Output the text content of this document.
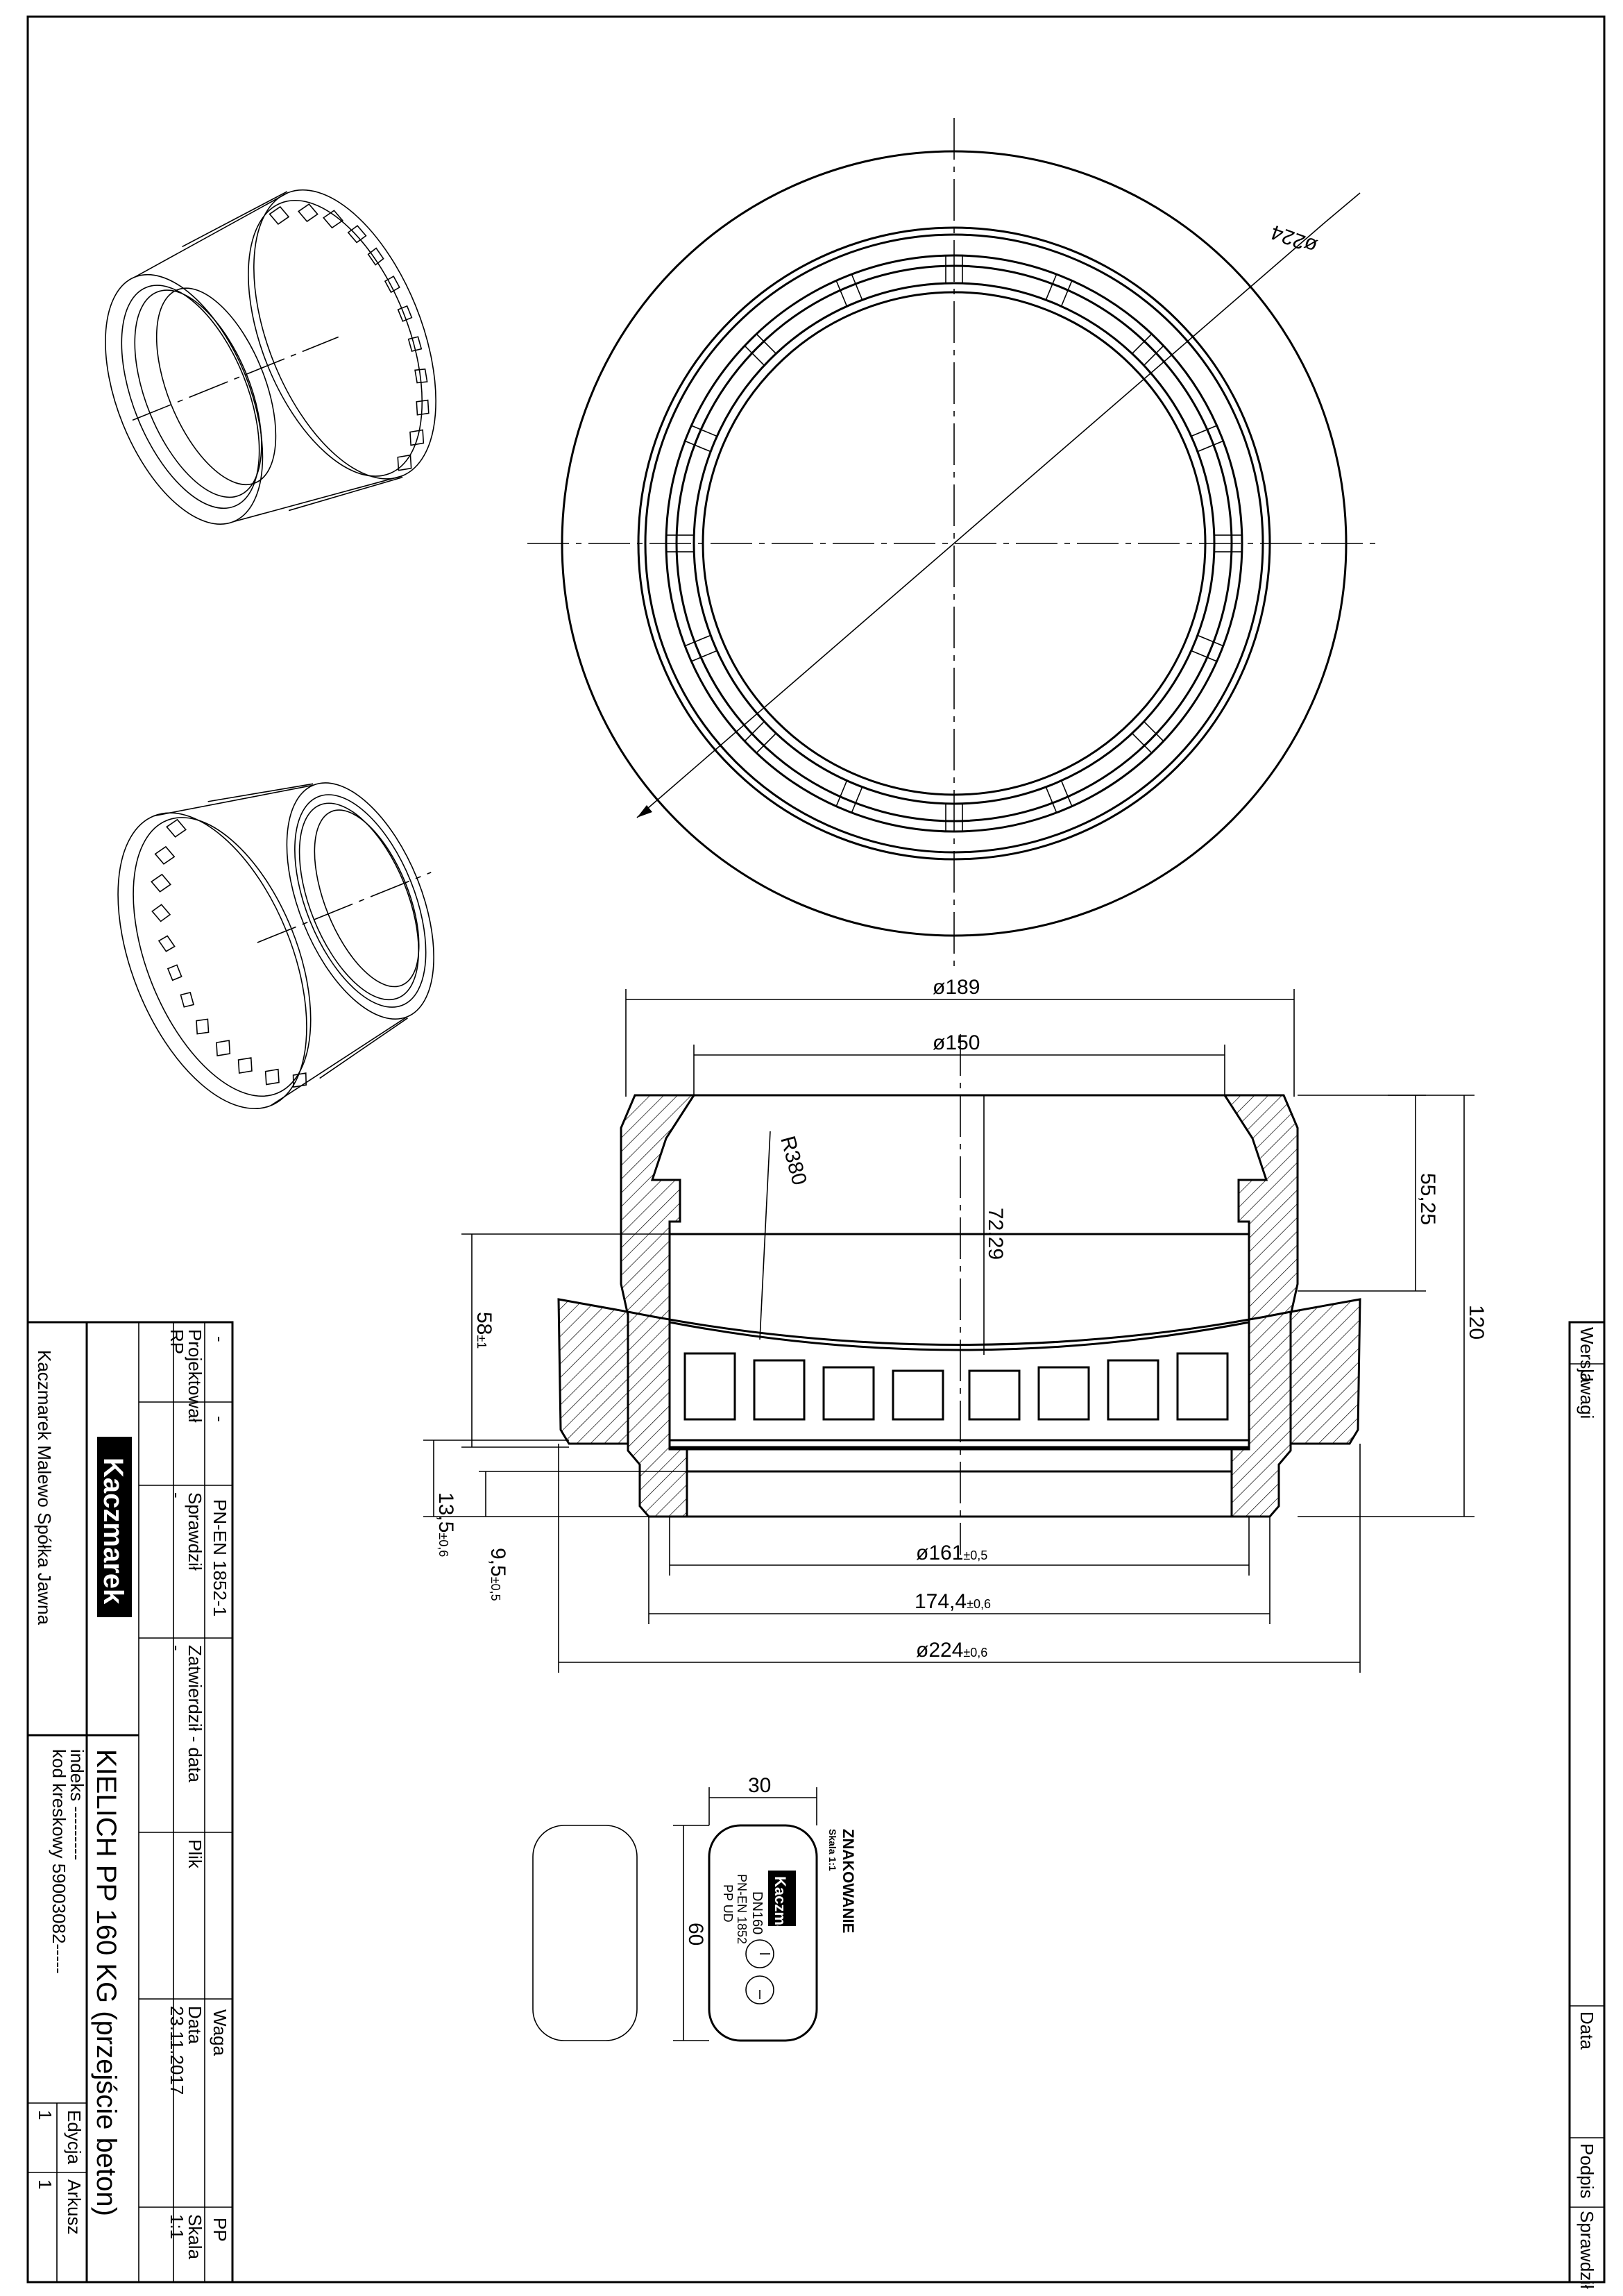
ø224
ø189
ø150
R380
72,29
55,25
120
58±1
13,5±0,6
9,5±0,5
ø161±0,5
174,4±0,6
ø224±0,6
30
60	Kaczmarek
DN160
PN-EN 1852
PP UD	ZNAKOWANIE
Skala 1:1
-
-
PN-EN 1852-1
Waga
PP
Projektował
RP
Sprawdził
-
Zatwierdził - data
-
Plik
Data
23.11.2017
Skala
1:1
KIELICH PP 160 KG (przejście beton)
indeks ---------
kod kreskowy 59003082-----
Edycja
1
Arkusz
1
Kaczmarek Malewo Spółka Jawna Kaczmarek
Wersja
Uwagi
Data
Podpis
Sprawdził
